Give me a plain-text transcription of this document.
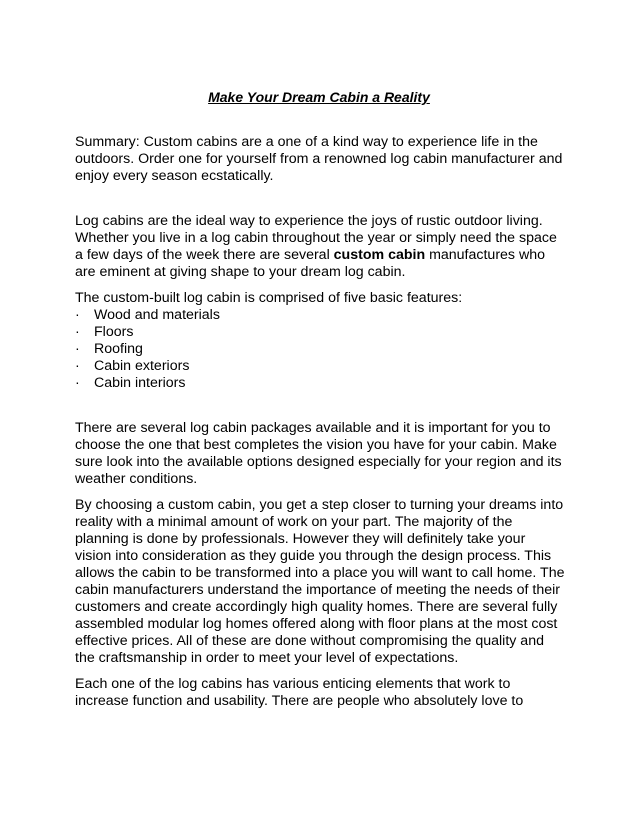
Make Your Dream Cabin a Reality

Summary: Custom cabins are a one of a kind way to experience life in the outdoors. Order one for yourself from a renowned log cabin manufacturer and enjoy every season ecstatically.

Log cabins are the ideal way to experience the joys of rustic outdoor living. Whether you live in a log cabin throughout the year or simply need the space a few days of the week there are several custom cabin manufactures who are eminent at giving shape to your dream log cabin.

The custom-built log cabin is comprised of five basic features:

· Wood and materials
· Floors
· Roofing
· Cabin exteriors
· Cabin interiors

There are several log cabin packages available and it is important for you to choose the one that best completes the vision you have for your cabin. Make sure look into the available options designed especially for your region and its weather conditions.

By choosing a custom cabin, you get a step closer to turning your dreams into reality with a minimal amount of work on your part. The majority of the planning is done by professionals. However they will definitely take your vision into consideration as they guide you through the design process. This allows the cabin to be transformed into a place you will want to call home. The cabin manufacturers understand the importance of meeting the needs of their customers and create accordingly high quality homes. There are several fully assembled modular log homes offered along with floor plans at the most cost effective prices. All of these are done without compromising the quality and the craftsmanship in order to meet your level of expectations.

Each one of the log cabins has various enticing elements that work to increase function and usability. There are people who absolutely love to
